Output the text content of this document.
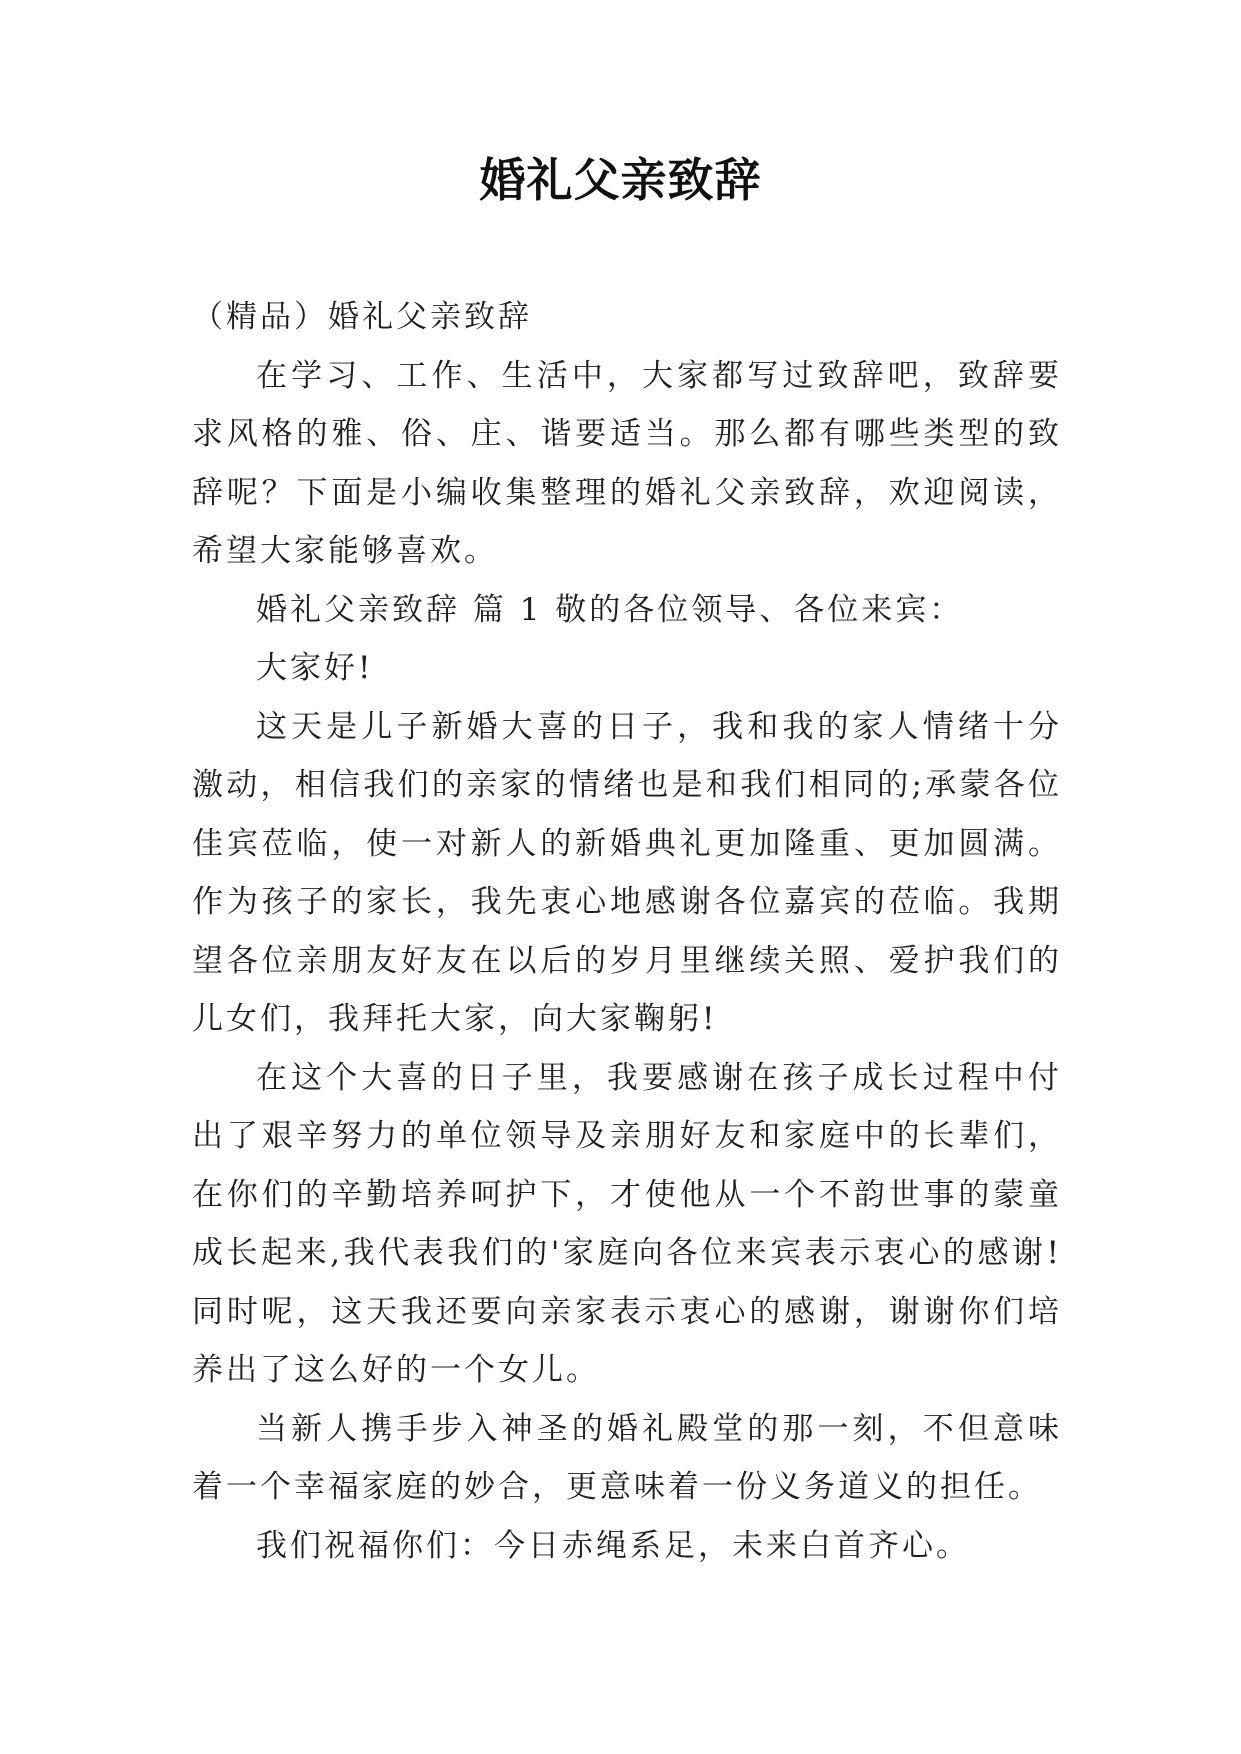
婚礼父亲致辞

（精品）婚礼父亲致辞

在学习、工作、生活中，大家都写过致辞吧，致辞要求风格的雅、俗、庄、谐要适当。那么都有哪些类型的致辞呢？下面是小编收集整理的婚礼父亲致辞，欢迎阅读，希望大家能够喜欢。

婚礼父亲致辞 篇 1 敬的各位领导、各位来宾：

大家好!

这天是儿子新婚大喜的日子，我和我的家人情绪十分激动，相信我们的亲家的情绪也是和我们相同的;承蒙各位佳宾莅临，使一对新人的新婚典礼更加隆重、更加圆满。作为孩子的家长，我先衷心地感谢各位嘉宾的莅临。我期望各位亲朋友好友在以后的岁月里继续关照、爱护我们的儿女们，我拜托大家，向大家鞠躬!

在这个大喜的日子里，我要感谢在孩子成长过程中付出了艰辛努力的单位领导及亲朋好友和家庭中的长辈们，在你们的辛勤培养呵护下，才使他从一个不韵世事的蒙童成长起来,我代表我们的'家庭向各位来宾表示衷心的感谢!同时呢，这天我还要向亲家表示衷心的感谢，谢谢你们培养出了这么好的一个女儿。

当新人携手步入神圣的婚礼殿堂的那一刻，不但意味着一个幸福家庭的妙合，更意味着一份义务道义的担任。

我们祝福你们：今日赤绳系足，未来白首齐心。
